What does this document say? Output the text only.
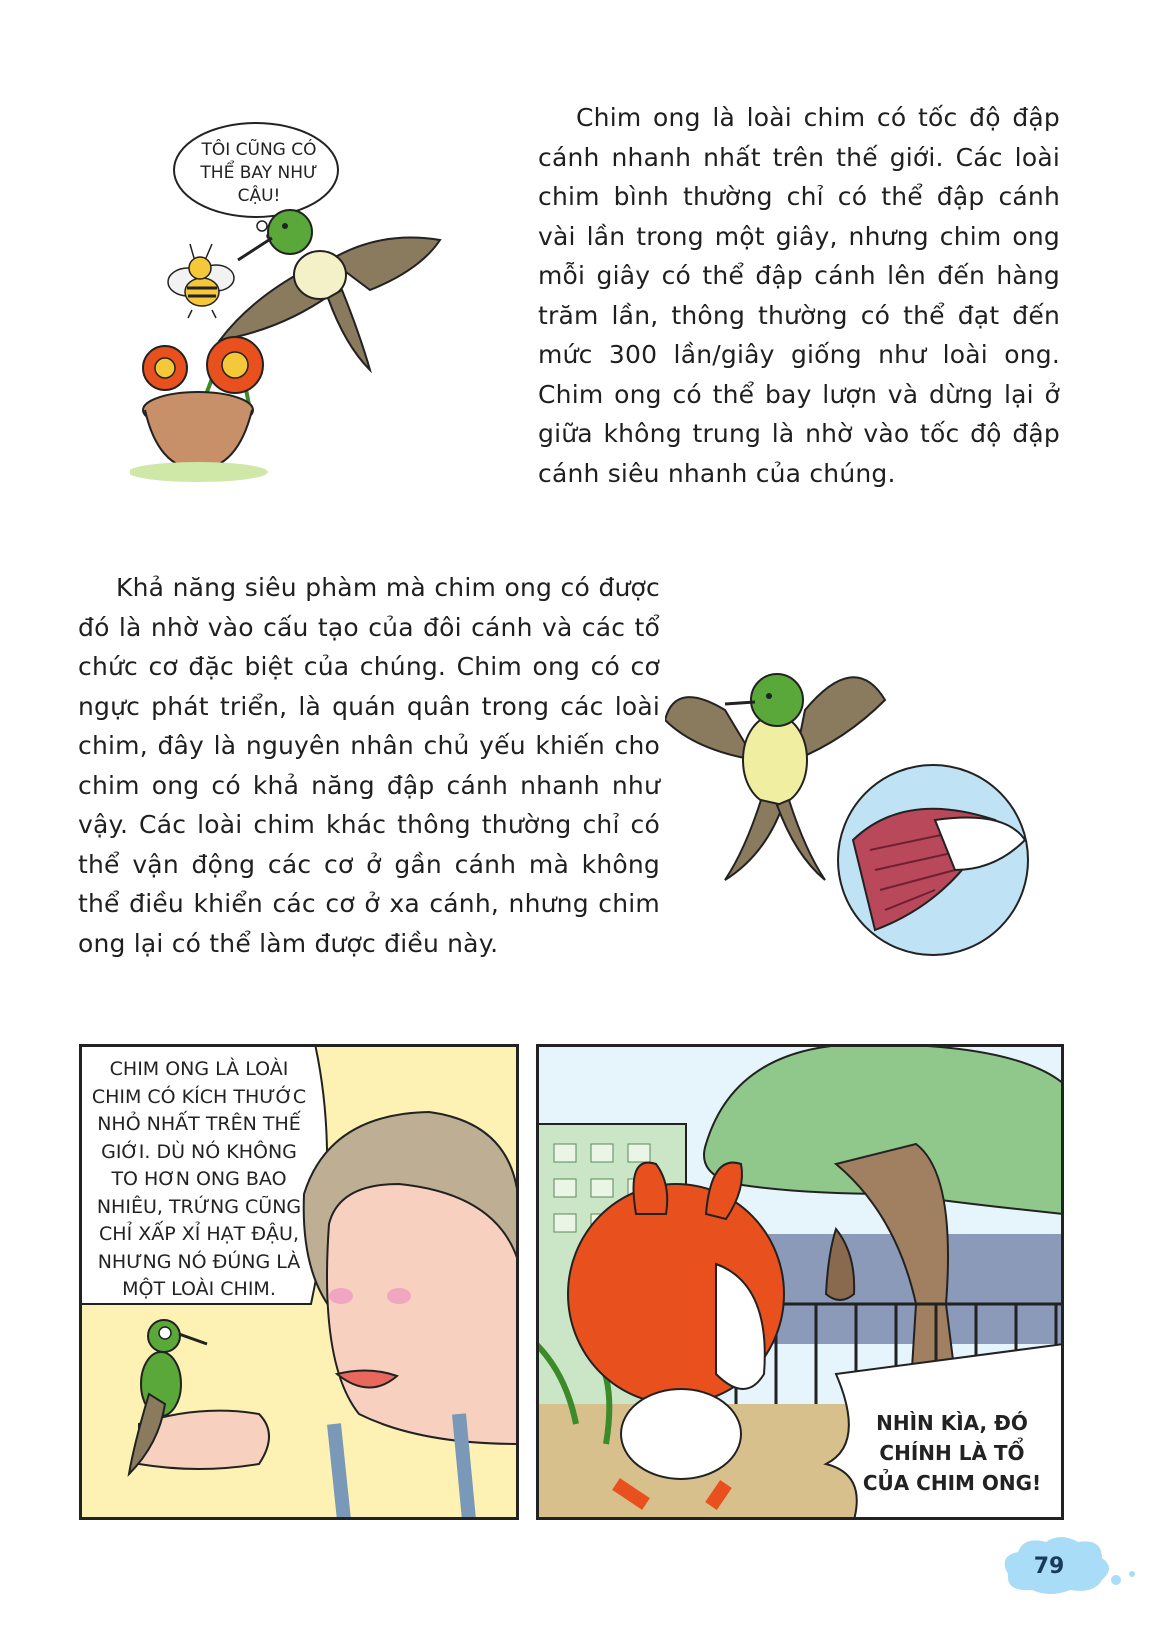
TÔI CŨNG CÓ
THỂ BAY NHƯ
CẬU!

Chim ong là loài chim có tốc độ đập cánh nhanh nhất trên thế giới. Các loài chim bình thường chỉ có thể đập cánh vài lần trong một giây, nhưng chim ong mỗi giây có thể đập cánh lên đến hàng trăm lần, thông thường có thể đạt đến mức 300 lần/giây giống như loài ong. Chim ong có thể bay lượn và dừng lại ở giữa không trung là nhờ vào tốc độ đập cánh siêu nhanh của chúng.

Khả năng siêu phàm mà chim ong có được đó là nhờ vào cấu tạo của đôi cánh và các tổ chức cơ đặc biệt của chúng. Chim ong có cơ ngực phát triển, là quán quân trong các loài chim, đây là nguyên nhân chủ yếu khiến cho chim ong có khả năng đập cánh nhanh như vậy. Các loài chim khác thông thường chỉ có thể vận động các cơ ở gần cánh mà không thể điều khiển các cơ ở xa cánh, nhưng chim ong lại có thể làm được điều này.

CHIM ONG LÀ LOÀI
CHIM CÓ KÍCH THƯỚC
NHỎ NHẤT TRÊN THẾ
GIỚI. DÙ NÓ KHÔNG
TO HƠN ONG BAO
NHIÊU, TRỨNG CŨNG
CHỈ XẤP XỈ HẠT ĐẬU,
NHƯNG NÓ ĐÚNG LÀ
MỘT LOÀI CHIM.
NHÌN KÌA, ĐÓ
CHÍNH LÀ TỔ
CỦA CHIM ONG!
79
